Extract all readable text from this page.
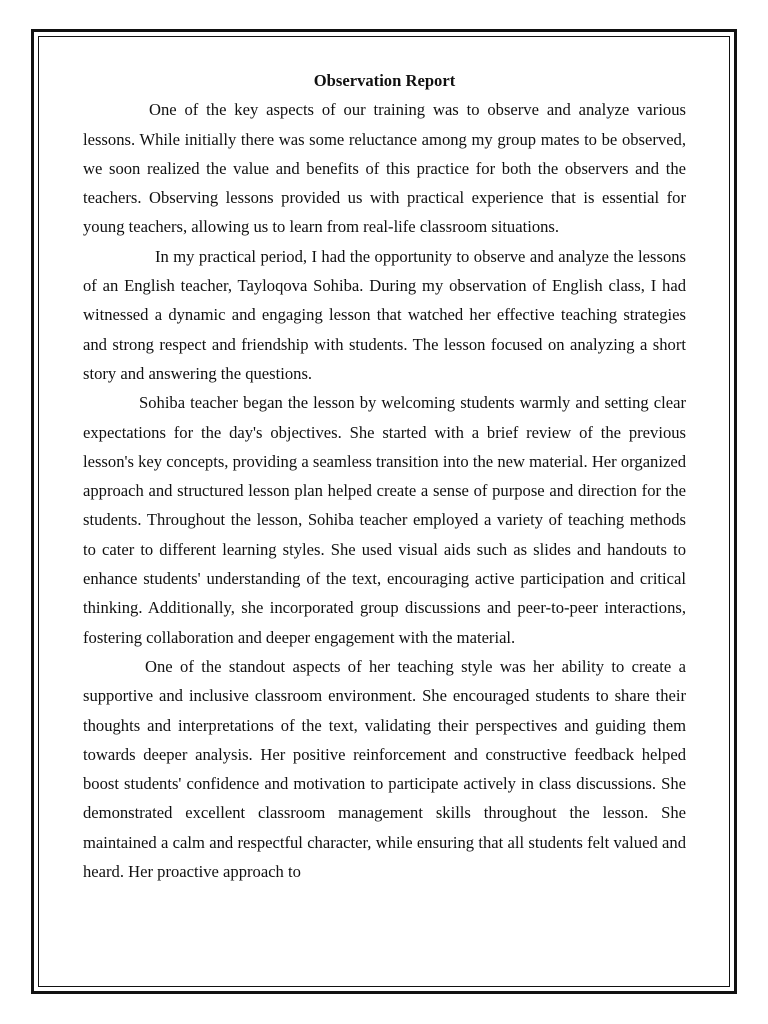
Observation Report

One of the key aspects of our training was to observe and analyze various lessons. While initially there was some reluctance among my group mates to be observed, we soon realized the value and benefits of this practice for both the observers and the teachers. Observing lessons provided us with practical experience that is essential for young teachers, allowing us to learn from real-life classroom situations.

In my practical period, I had the opportunity to observe and analyze the lessons of an English teacher, Tayloqova Sohiba. During my observation of English class, I had witnessed a dynamic and engaging lesson that watched her effective teaching strategies and strong respect and friendship with students. The lesson focused on analyzing a short story and answering the questions.

Sohiba teacher began the lesson by welcoming students warmly and setting clear expectations for the day's objectives. She started with a brief review of the previous lesson's key concepts, providing a seamless transition into the new material. Her organized approach and structured lesson plan helped create a sense of purpose and direction for the students. Throughout the lesson, Sohiba teacher employed a variety of teaching methods to cater to different learning styles. She used visual aids such as slides and handouts to enhance students' understanding of the text, encouraging active participation and critical thinking. Additionally, she incorporated group discussions and peer-to-peer interactions, fostering collaboration and deeper engagement with the material.

One of the standout aspects of her teaching style was her ability to create a supportive and inclusive classroom environment. She encouraged students to share their thoughts and interpretations of the text, validating their perspectives and guiding them towards deeper analysis. Her positive reinforcement and constructive feedback helped boost students' confidence and motivation to participate actively in class discussions. She demonstrated excellent classroom management skills throughout the lesson. She maintained a calm and respectful character, while ensuring that all students felt valued and heard. Her proactive approach to
